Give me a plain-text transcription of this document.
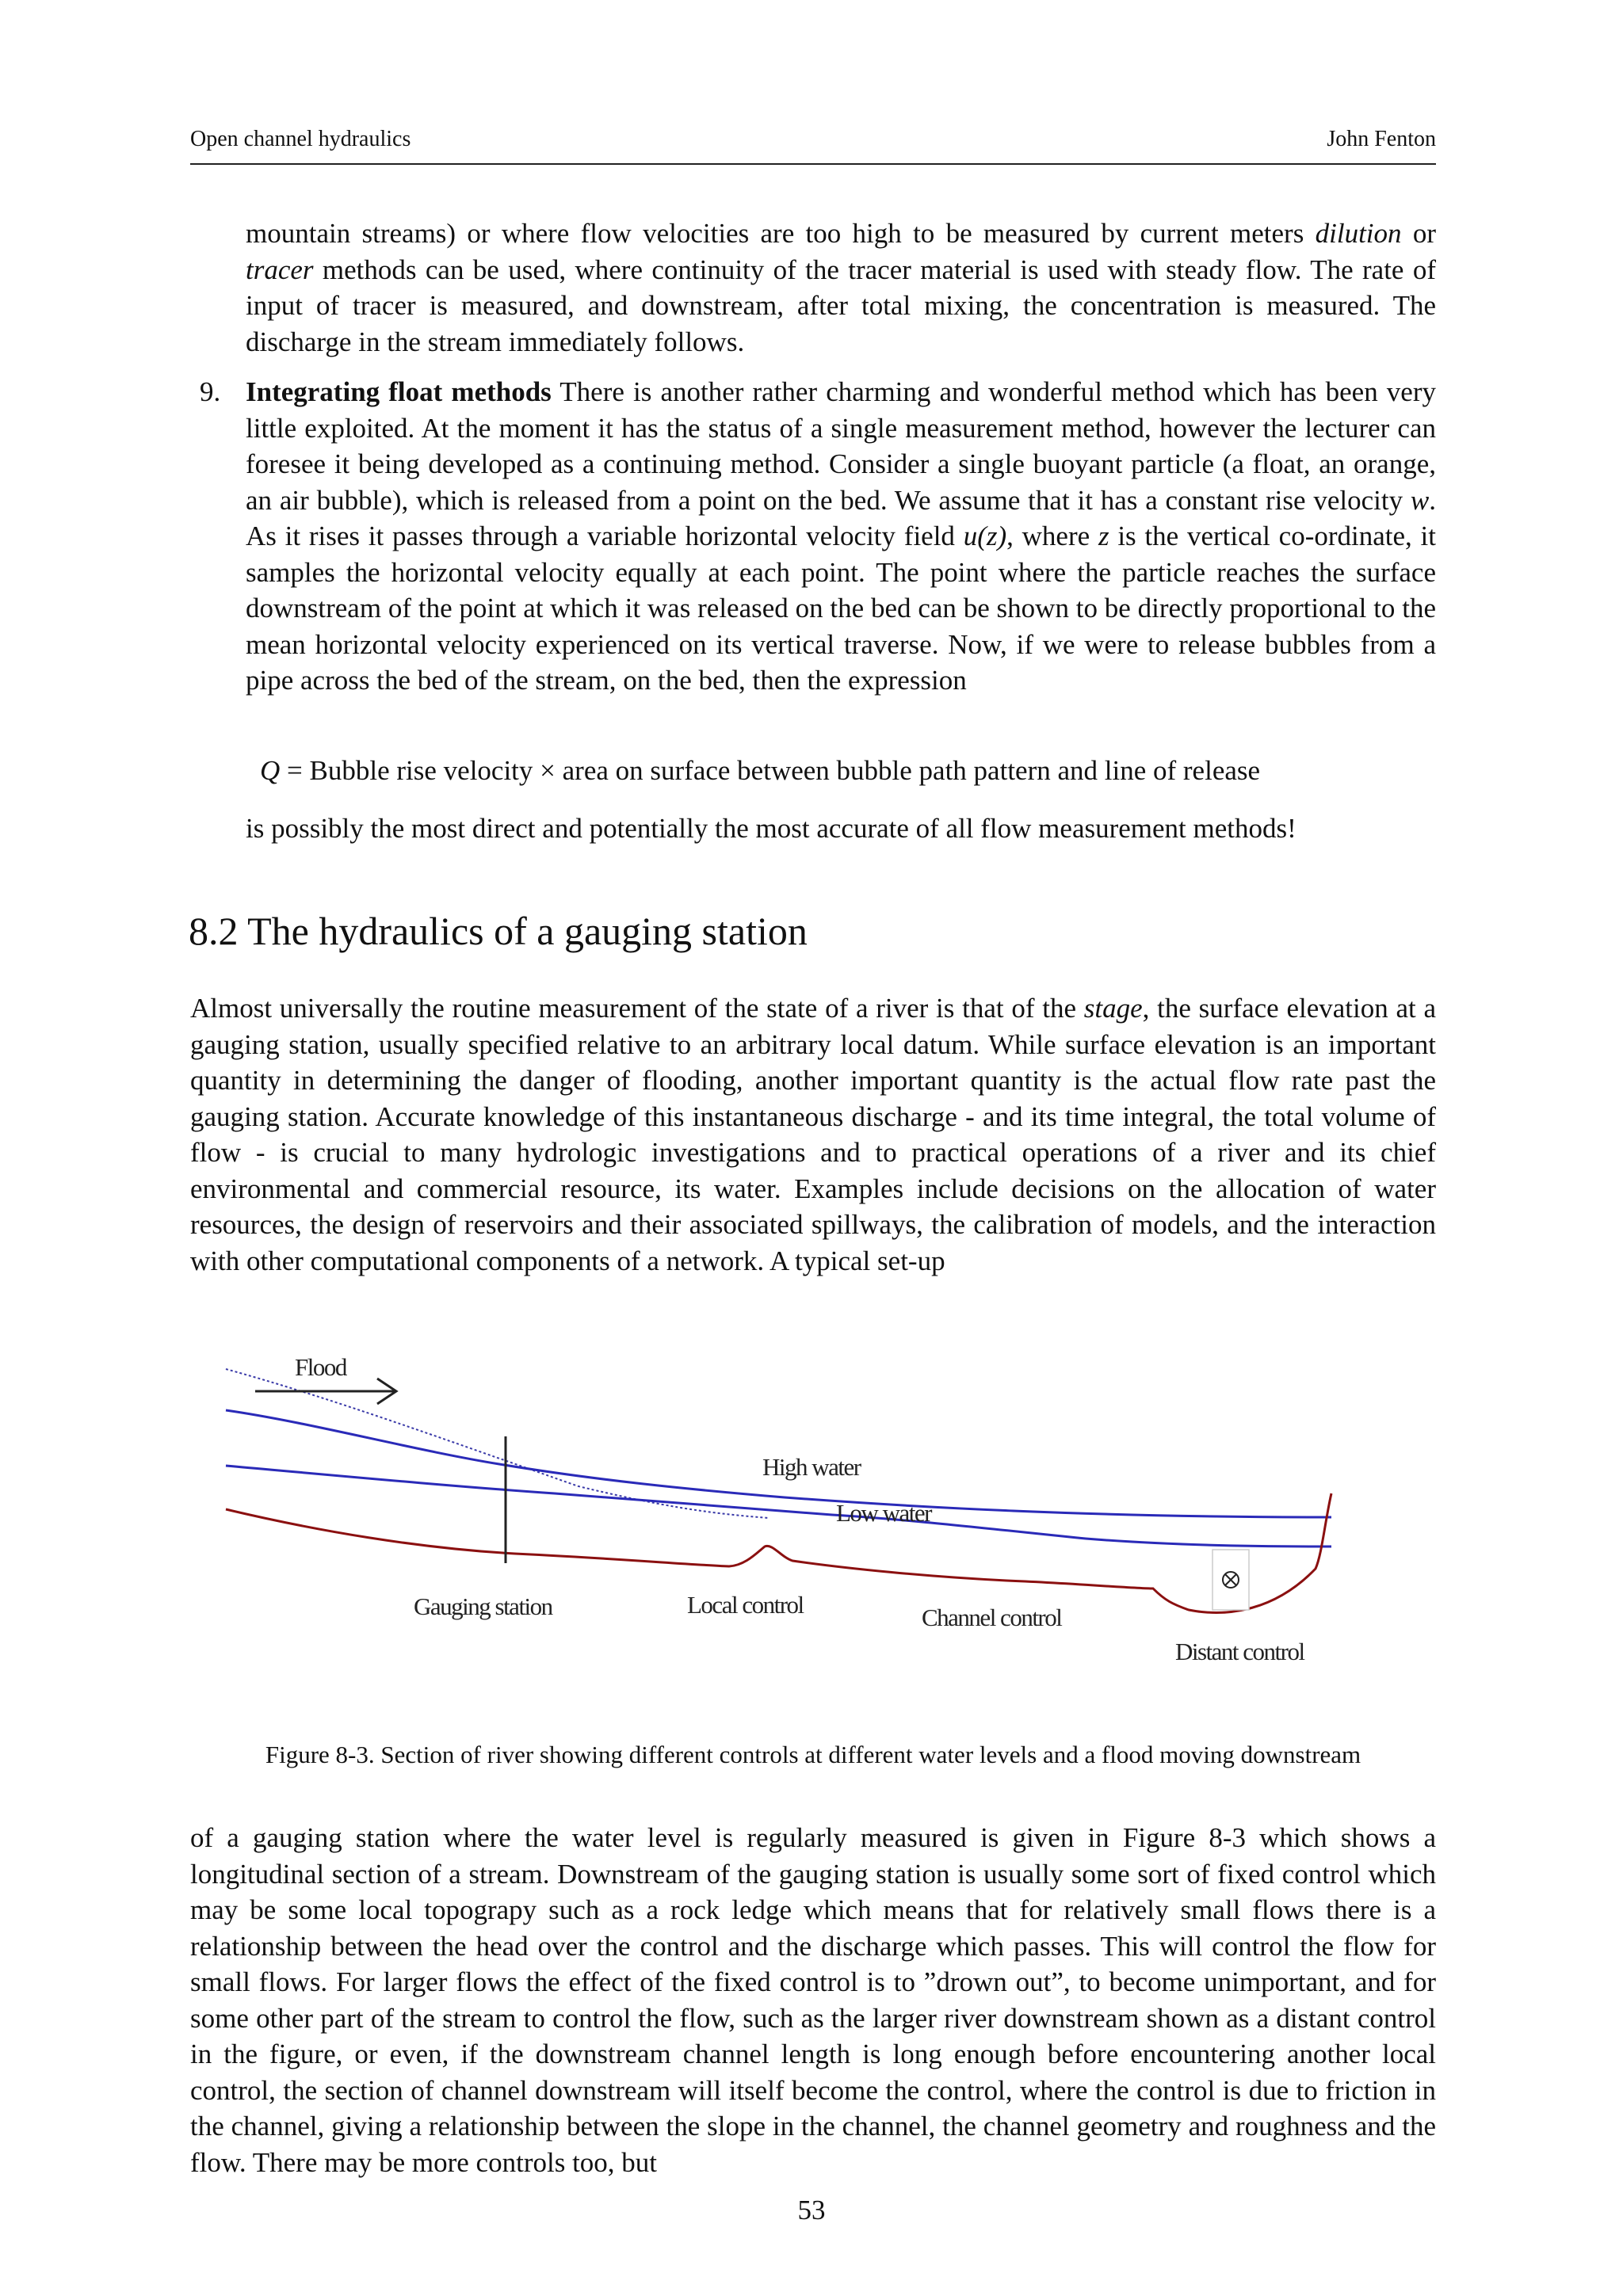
Open channel hydraulics	John Fenton

mountain streams) or where flow velocities are too high to be measured by current meters dilution or tracer methods can be used, where continuity of the tracer material is used with steady flow. The rate of input of tracer is measured, and downstream, after total mixing, the concentration is measured. The discharge in the stream immediately follows.

9. Integrating float methods There is another rather charming and wonderful method which has been very little exploited. At the moment it has the status of a single measurement method, however the lecturer can foresee it being developed as a continuing method. Consider a single buoyant particle (a float, an orange, an air bubble), which is released from a point on the bed. We assume that it has a constant rise velocity w. As it rises it passes through a variable horizontal velocity field u(z), where z is the vertical co-ordinate, it samples the horizontal velocity equally at each point. The point where the particle reaches the surface downstream of the point at which it was released on the bed can be shown to be directly proportional to the mean horizontal velocity experienced on its vertical traverse. Now, if we were to release bubbles from a pipe across the bed of the stream, on the bed, then the expression

Q = Bubble rise velocity × area on surface between bubble path pattern and line of release

is possibly the most direct and potentially the most accurate of all flow measurement methods!

8.2 The hydraulics of a gauging station

Almost universally the routine measurement of the state of a river is that of the stage, the surface elevation at a gauging station, usually specified relative to an arbitrary local datum. While surface elevation is an important quantity in determining the danger of flooding, another important quantity is the actual flow rate past the gauging station. Accurate knowledge of this instantaneous discharge - and its time integral, the total volume of flow - is crucial to many hydrologic investigations and to practical operations of a river and its chief environmental and commercial resource, its water. Examples include decisions on the allocation of water resources, the design of reservoirs and their associated spillways, the calibration of models, and the interaction with other computational components of a network. A typical set-up

Flood
High water
Low water
Gauging station	Local control	Channel control
Distant control
Figure 8-3. Section of river showing different controls at different water levels and a flood moving downstream

of a gauging station where the water level is regularly measured is given in Figure 8-3 which shows a longitudinal section of a stream. Downstream of the gauging station is usually some sort of fixed control which may be some local topograpy such as a rock ledge which means that for relatively small flows there is a relationship between the head over the control and the discharge which passes. This will control the flow for small flows. For larger flows the effect of the fixed control is to ”drown out”, to become unimportant, and for some other part of the stream to control the flow, such as the larger river downstream shown as a distant control in the figure, or even, if the downstream channel length is long enough before encountering another local control, the section of channel downstream will itself become the control, where the control is due to friction in the channel, giving a relationship between the slope in the channel, the channel geometry and roughness and the flow. There may be more controls too, but

53
